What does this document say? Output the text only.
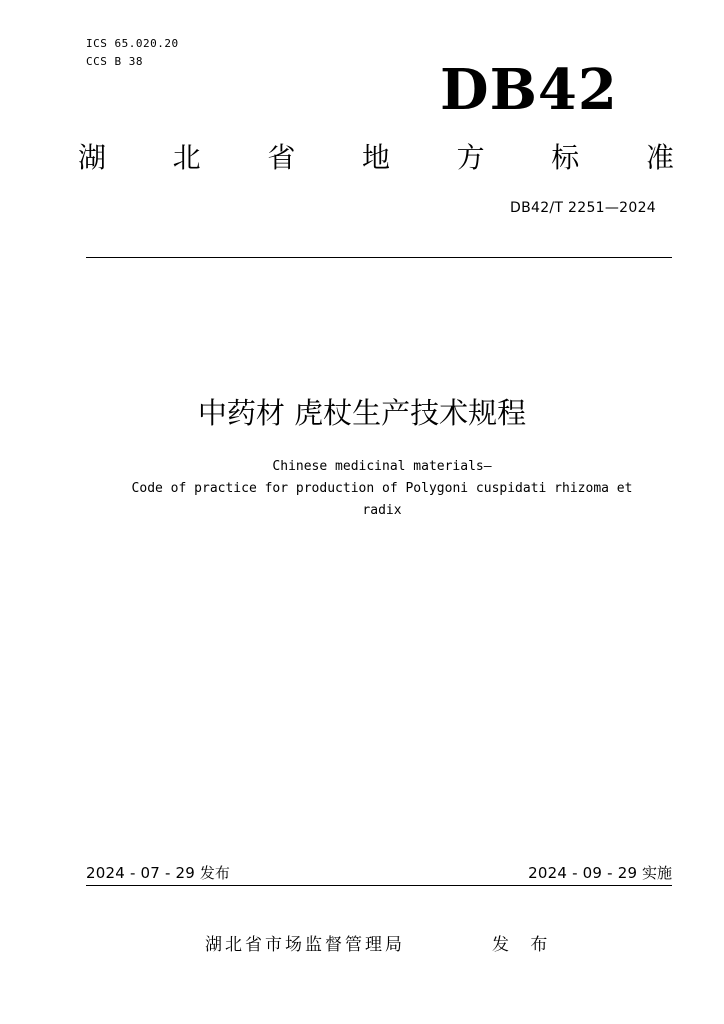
ICS 65.020.20
CCS B 38	DB42
湖 北 省 地 方 标 准
DB42/T 2251—2024
中药材 虎杖生产技术规程
Chinese medicinal materials—
Code of practice for production of Polygoni cuspidati rhizoma et
radix
2024 - 07 - 29 发布	2024 - 09 - 29 实施
湖北省市场监督管理局	发 布
